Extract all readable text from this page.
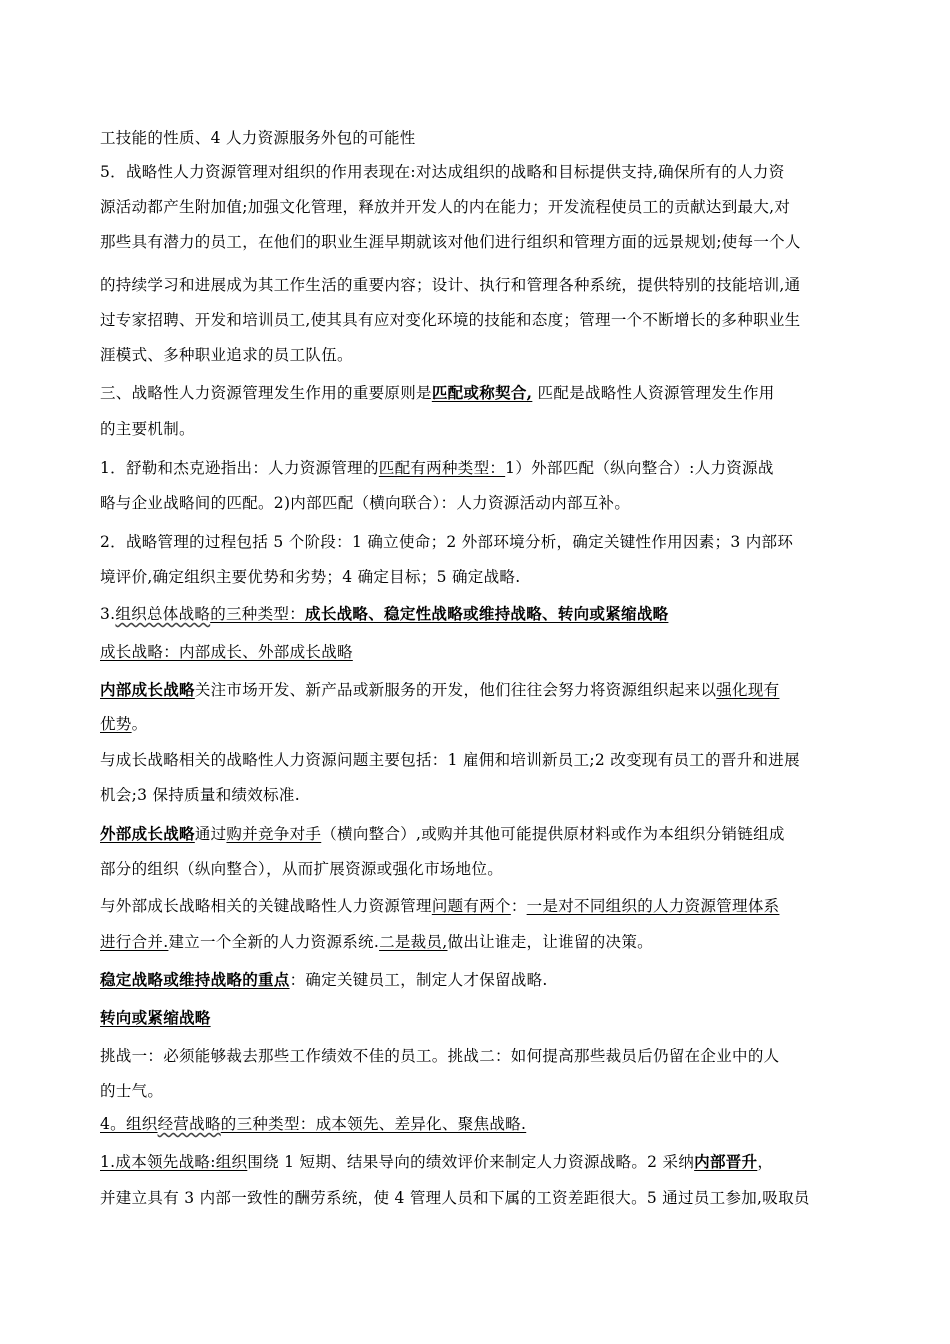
工技能的性质、4 人力资源服务外包的可能性
5．战略性人力资源管理对组织的作用表现在:对达成组织的战略和目标提供支持,确保所有的人力资
源活动都产生附加值;加强文化管理，释放并开发人的内在能力；开发流程使员工的贡献达到最大,对
那些具有潜力的员工，在他们的职业生涯早期就该对他们进行组织和管理方面的远景规划;使每一个人
的持续学习和进展成为其工作生活的重要内容；设计、执行和管理各种系统，提供特别的技能培训,通
过专家招聘、开发和培训员工,使其具有应对变化环境的技能和态度；管理一个不断增长的多种职业生
涯模式、多种职业追求的员工队伍。
三、战略性人力资源管理发生作用的重要原则是匹配或称契合, 匹配是战略性人资源管理发生作用
的主要机制。
1．舒勒和杰克逊指出：人力资源管理的匹配有两种类型：1）外部匹配（纵向整合）:人力资源战
略与企业战略间的匹配。2)内部匹配（横向联合）：人力资源活动内部互补。
2．战略管理的过程包括 5 个阶段：1 确立使命；2 外部环境分析，确定关键性作用因素；3 内部环
境评价,确定组织主要优势和劣势；4 确定目标；5 确定战略.
3.组织总体战略的三种类型：成长战略、稳定性战略或维持战略、转向或紧缩战略
成长战略：内部成长、外部成长战略
内部成长战略关注市场开发、新产品或新服务的开发，他们往往会努力将资源组织起来以强化现有
优势。
与成长战略相关的战略性人力资源问题主要包括：1 雇佣和培训新员工;2 改变现有员工的晋升和进展
机会;3 保持质量和绩效标准.
外部成长战略通过购并竞争对手（横向整合）,或购并其他可能提供原材料或作为本组织分销链组成
部分的组织（纵向整合），从而扩展资源或强化市场地位。
与外部成长战略相关的关键战略性人力资源管理问题有两个：一是对不同组织的人力资源管理体系
进行合并.建立一个全新的人力资源系统.二是裁员,做出让谁走，让谁留的决策。
稳定战略或维持战略的重点：确定关键员工，制定人才保留战略.
转向或紧缩战略
挑战一：必须能够裁去那些工作绩效不佳的员工。挑战二：如何提高那些裁员后仍留在企业中的人
的士气。
4。组织经营战略的三种类型：成本领先、差异化、聚焦战略.
1.成本领先战略:组织围绕 1 短期、结果导向的绩效评价来制定人力资源战略。2 采纳内部晋升，
并建立具有 3 内部一致性的酬劳系统，使 4 管理人员和下属的工资差距很大。5 通过员工参加,吸取员
